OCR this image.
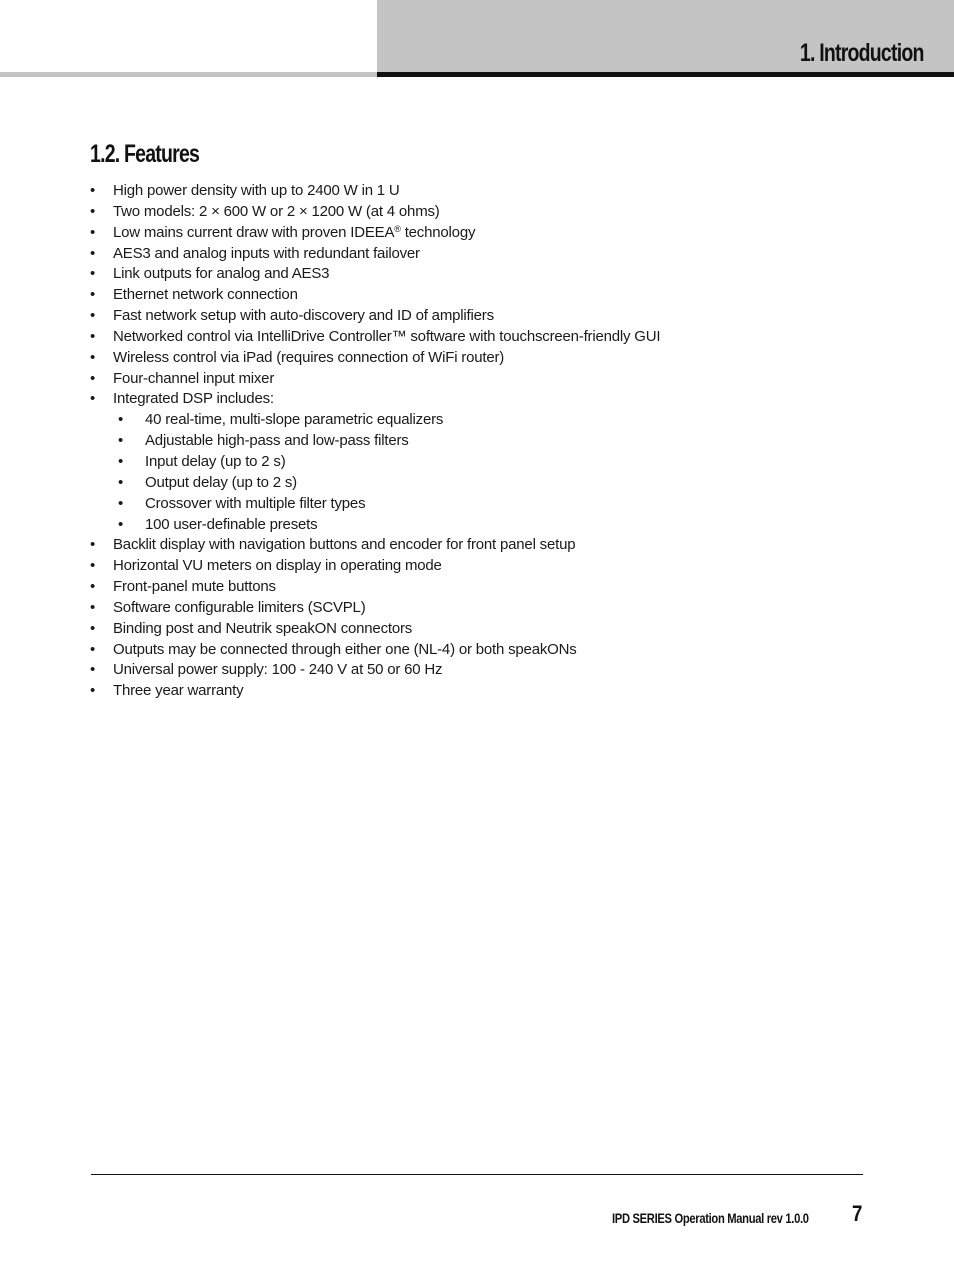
1. Introduction
1.2. Features
• High power density with up to 2400 W in 1 U
• Two models: 2 × 600 W or 2 × 1200 W (at 4 ohms)
• Low mains current draw with proven IDEEA® technology
• AES3 and analog inputs with redundant failover
• Link outputs for analog and AES3
• Ethernet network connection
• Fast network setup with auto-discovery and ID of amplifiers
• Networked control via IntelliDrive Controller™ software with touchscreen-friendly GUI
• Wireless control via iPad (requires connection of WiFi router)
• Four-channel input mixer
• Integrated DSP includes:
• 40 real-time, multi-slope parametric equalizers
• Adjustable high-pass and low-pass filters
• Input delay (up to 2 s)
• Output delay (up to 2 s)
• Crossover with multiple filter types
• 100 user-definable presets
• Backlit display with navigation buttons and encoder for front panel setup
• Horizontal VU meters on display in operating mode
• Front-panel mute buttons
• Software configurable limiters (SCVPL)
• Binding post and Neutrik speakON connectors
• Outputs may be connected through either one (NL-4) or both speakONs
• Universal power supply: 100 - 240 V at 50 or 60 Hz
• Three year warranty
IPD SERIES Operation Manual rev 1.0.0 7
